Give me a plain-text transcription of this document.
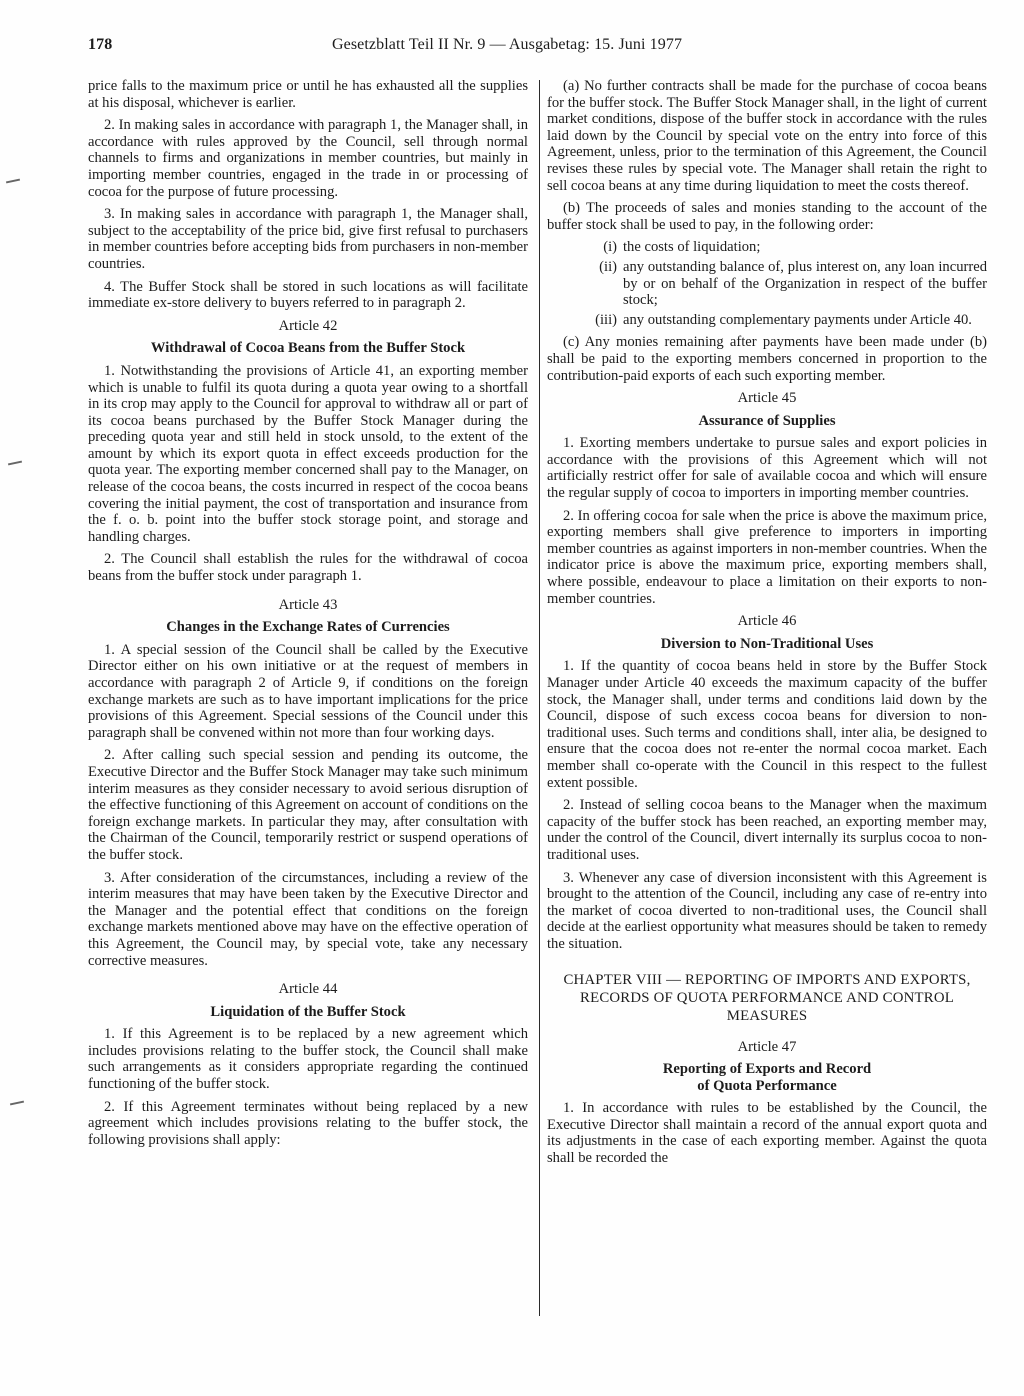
178	Gesetzblatt Teil II Nr. 9 — Ausgabetag: 15. Juni 1977

price falls to the maximum price or until he has exhausted all the supplies at his disposal, whichever is earlier.

2. In making sales in accordance with paragraph 1, the Manager shall, in accordance with rules approved by the Council, sell through normal channels to firms and organizations in member countries, but mainly in importing member countries, engaged in the trade in or processing of cocoa for the purpose of future processing.

3. In making sales in accordance with paragraph 1, the Manager shall, subject to the acceptability of the price bid, give first refusal to purchasers in member countries before accepting bids from purchasers in non-member countries.

4. The Buffer Stock shall be stored in such locations as will facilitate immediate ex-store delivery to buyers referred to in paragraph 2.

Article 42

Withdrawal of Cocoa Beans from the Buffer Stock

1. Notwithstanding the provisions of Article 41, an exporting member which is unable to fulfil its quota during a quota year owing to a shortfall in its crop may apply to the Council for approval to withdraw all or part of its cocoa beans purchased by the Buffer Stock Manager during the preceding quota year and still held in stock unsold, to the extent of the amount by which its export quota in effect exceeds production for the quota year. The exporting member concerned shall pay to the Manager, on release of the cocoa beans, the costs incurred in respect of the cocoa beans covering the initial payment, the cost of transportation and insurance from the f. o. b. point into the buffer stock storage point, and storage and handling charges.

2. The Council shall establish the rules for the withdrawal of cocoa beans from the buffer stock under paragraph 1.

Article 43

Changes in the Exchange Rates of Currencies

1. A special session of the Council shall be called by the Executive Director either on his own initiative or at the request of members in accordance with paragraph 2 of Article 9, if conditions on the foreign exchange markets are such as to have important implications for the price provisions of this Agreement. Special sessions of the Council under this paragraph shall be convened within not more than four working days.

2. After calling such special session and pending its outcome, the Executive Director and the Buffer Stock Manager may take such minimum interim measures as they consider necessary to avoid serious disruption of the effective functioning of this Agreement on account of conditions on the foreign exchange markets. In particular they may, after consultation with the Chairman of the Council, temporarily restrict or suspend operations of the buffer stock.

3. After consideration of the circumstances, including a review of the interim measures that may have been taken by the Executive Director and the Manager and the potential effect that conditions on the foreign exchange markets mentioned above may have on the effective operation of this Agreement, the Council may, by special vote, take any necessary corrective measures.

Article 44

Liquidation of the Buffer Stock

1. If this Agreement is to be replaced by a new agreement which includes provisions relating to the buffer stock, the Council shall make such arrangements as it considers appropriate regarding the continued functioning of the buffer stock.

2. If this Agreement terminates without being replaced by a new agreement which includes provisions relating to the buffer stock, the following provisions shall apply:

(a) No further contracts shall be made for the purchase of cocoa beans for the buffer stock. The Buffer Stock Manager shall, in the light of current market conditions, dispose of the buffer stock in accordance with the rules laid down by the Council by special vote on the entry into force of this Agreement, unless, prior to the termination of this Agreement, the Council revises these rules by special vote. The Manager shall retain the right to sell cocoa beans at any time during liquidation to meet the costs thereof.

(b) The proceeds of sales and monies standing to the account of the buffer stock shall be used to pay, in the following order:

(i) the costs of liquidation;
(ii) any outstanding balance of, plus interest on, any loan incurred by or on behalf of the Organization in respect of the buffer stock;
(iii) any outstanding complementary payments under Article 40.

(c) Any monies remaining after payments have been made under (b) shall be paid to the exporting members concerned in proportion to the contribution-paid exports of each such exporting member.

Article 45

Assurance of Supplies

1. Exorting members undertake to pursue sales and export policies in accordance with the provisions of this Agreement which will not artificially restrict offer for sale of available cocoa and which will ensure the regular supply of cocoa to importers in importing member countries.

2. In offering cocoa for sale when the price is above the maximum price, exporting members shall give preference to importers in importing member countries as against importers in non-member countries. When the indicator price is above the maximum price, exporting members shall, where possible, endeavour to place a limitation on their exports to non-member countries.

Article 46

Diversion to Non-Traditional Uses

1. If the quantity of cocoa beans held in store by the Buffer Stock Manager under Article 40 exceeds the maximum capacity of the buffer stock, the Manager shall, under terms and conditions laid down by the Council, dispose of such excess cocoa beans for diversion to non-traditional uses. Such terms and conditions shall, inter alia, be designed to ensure that the cocoa does not re-enter the normal cocoa market. Each member shall co-operate with the Council in this respect to the fullest extent possible.

2. Instead of selling cocoa beans to the Manager when the maximum capacity of the buffer stock has been reached, an exporting member may, under the control of the Council, divert internally its surplus cocoa to non-traditional uses.

3. Whenever any case of diversion inconsistent with this Agreement is brought to the attention of the Council, including any case of re-entry into the market of cocoa diverted to non-traditional uses, the Council shall decide at the earliest opportunity what measures should be taken to remedy the situation.

CHAPTER VIII — REPORTING OF IMPORTS AND EXPORTS, RECORDS OF QUOTA PERFORMANCE AND CONTROL MEASURES

Article 47

Reporting of Exports and Record

of Quota Performance

1. In accordance with rules to be established by the Council, the Executive Director shall maintain a record of the annual export quota and its adjustments in the case of each exporting member. Against the quota shall be recorded the
